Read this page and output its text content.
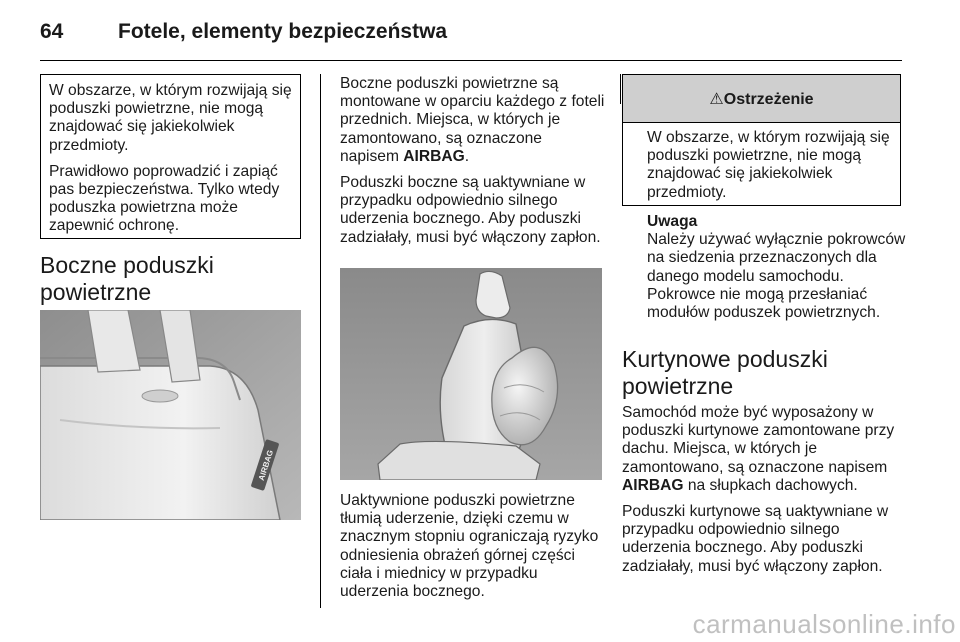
64	Fotele, elementy bezpieczeństwa

W obszarze, w którym rozwijają się poduszki powietrzne, nie mogą znajdować się jakiekolwiek przedmioty.

Prawidłowo poprowadzić i zapiąć pas bezpieczeństwa. Tylko wtedy poduszka powietrzna może zapewnić ochronę.

Boczne poduszki
powietrzne
AIRBAG

Boczne poduszki powietrzne są montowane w oparciu każdego z foteli przednich. Miejsca, w których je zamontowano, są oznaczone napisem AIRBAG.

Poduszki boczne są uaktywniane w przypadku odpowiednio silnego uderzenia bocznego. Aby poduszki zadziałały, musi być włączony zapłon.

Uaktywnione poduszki powietrzne tłumią uderzenie, dzięki czemu w znacznym stopniu ograniczają ryzyko odniesienia obrażeń górnej części ciała i miednicy w przypadku uderzenia bocznego.

⚠Ostrzeżenie

W obszarze, w którym rozwijają się poduszki powietrzne, nie mogą znajdować się jakiekolwiek przedmioty.

Uwaga

Należy używać wyłącznie pokrowców na siedzenia przeznaczonych dla danego modelu samochodu. Pokrowce nie mogą przesłaniać modułów poduszek powietrznych.

Kurtynowe poduszki
powietrzne

Samochód może być wyposażony w poduszki kurtynowe zamontowane przy dachu. Miejsca, w których je zamontowano, są oznaczone napisem AIRBAG na słupkach dachowych.

Poduszki kurtynowe są uaktywniane w przypadku odpowiednio silnego uderzenia bocznego. Aby poduszki zadziałały, musi być włączony zapłon.

carmanualsonline.info
